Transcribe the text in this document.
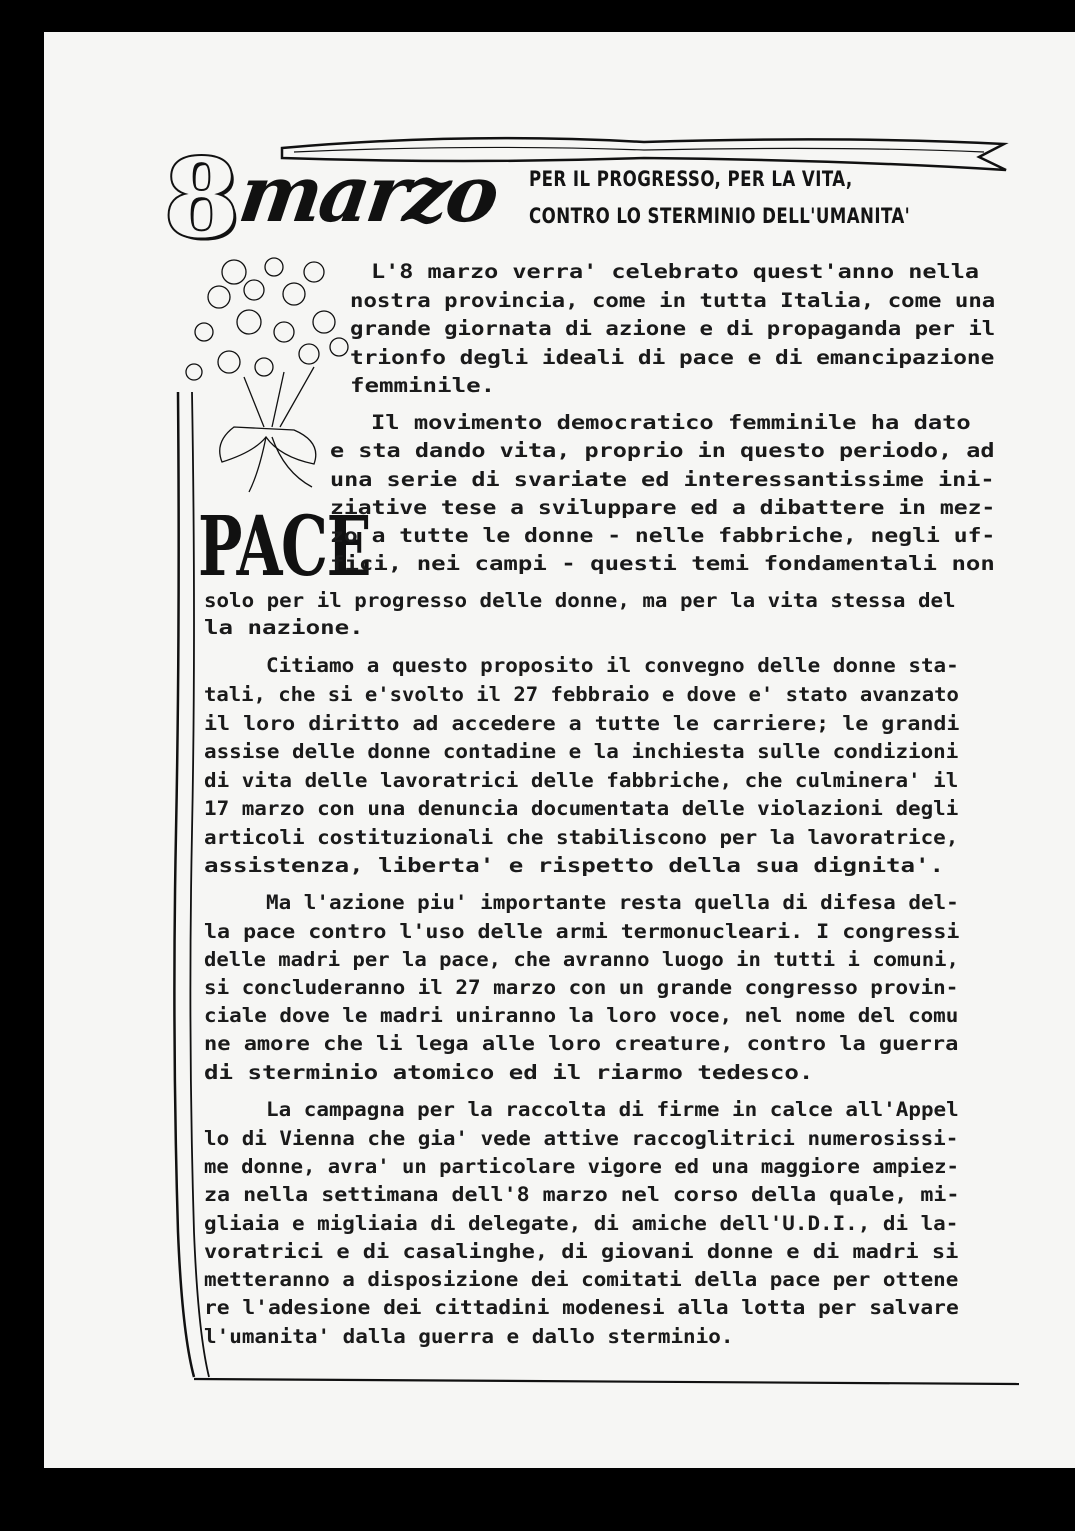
8
marzo
PACE
PER IL PROGRESSO, PER LA VITA,
CONTRO LO STERMINIO DELL'UMANITA'
L'8 marzo verra' celebrato quest'anno nella
nostra provincia, come in tutta Italia, come una
grande giornata di azione e di propaganda per il
trionfo degli ideali di pace e di emancipazione
femminile.
Il movimento democratico femminile ha dato
e sta dando vita, proprio in questo periodo, ad
una serie di svariate ed interessantissime ini-
ziative tese a sviluppare ed a dibattere in mez-
zo a tutte le donne - nelle fabbriche, negli uf-
fici, nei campi - questi temi fondamentali non
solo per il progresso delle donne, ma per la vita stessa del
la nazione.
Citiamo a questo proposito il convegno delle donne sta-
tali, che si e'svolto il 27 febbraio e dove e' stato avanzato
il loro diritto ad accedere a tutte le carriere; le grandi
assise delle donne contadine e la inchiesta sulle condizioni
di vita delle lavoratrici delle fabbriche, che culminera' il
17 marzo con una denuncia documentata delle violazioni degli
articoli costituzionali che stabiliscono per la lavoratrice,
assistenza, liberta' e rispetto della sua dignita'.
Ma l'azione piu' importante resta quella di difesa del-
la pace contro l'uso delle armi termonucleari. I congressi
delle madri per la pace, che avranno luogo in tutti i comuni,
si concluderanno il 27 marzo con un grande congresso provin-
ciale dove le madri uniranno la loro voce, nel nome del comu
ne amore che li lega alle loro creature, contro la guerra
di sterminio atomico ed il riarmo tedesco.
La campagna per la raccolta di firme in calce all'Appel
lo di Vienna che gia' vede attive raccoglitrici numerosissi-
me donne, avra' un particolare vigore ed una maggiore ampiez-
za nella settimana dell'8 marzo nel corso della quale, mi-
gliaia e migliaia di delegate, di amiche dell'U.D.I., di la-
voratrici e di casalinghe, di giovani donne e di madri si
metteranno a disposizione dei comitati della pace per ottene
re l'adesione dei cittadini modenesi alla lotta per salvare
l'umanita' dalla guerra e dallo sterminio.
